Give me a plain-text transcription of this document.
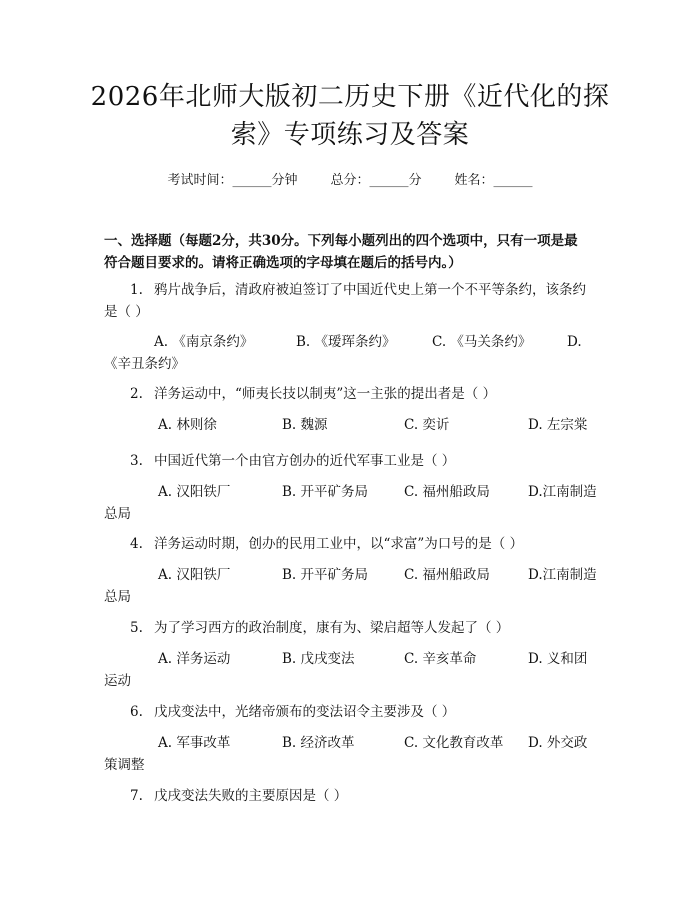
2026年北师大版初二历史下册《近代化的探
索》专项练习及答案
考试时间：______分钟        总分：______分        姓名：______
一、选择题（每题2分，共30分。下列每小题列出的四个选项中，只有一项是最
符合题目要求的。请将正确选项的字母填在题后的括号内。）
1. 鸦片战争后，清政府被迫签订了中国近代史上第一个不平等条约，该条约
是（ ）
A. 《南京条约》	B. 《瑷珲条约》	C. 《马关条约》	D.
《辛丑条约》
2. 洋务运动中，“师夷长技以制夷”这一主张的提出者是（ ）
A. 林则徐	B. 魏源	C. 奕䜣	D. 左宗棠
3. 中国近代第一个由官方创办的近代军事工业是（ ）
A. 汉阳铁厂	B. 开平矿务局	C. 福州船政局	D.江南制造
总局
4. 洋务运动时期，创办的民用工业中，以“求富”为口号的是（ ）
A. 汉阳铁厂	B. 开平矿务局	C. 福州船政局	D.江南制造
总局
5. 为了学习西方的政治制度，康有为、梁启超等人发起了（ ）
A. 洋务运动	B. 戊戌变法	C. 辛亥革命	D. 义和团
运动
6. 戊戌变法中，光绪帝颁布的变法诏令主要涉及（ ）
A. 军事改革	B. 经济改革	C. 文化教育改革 D. 外交政
策调整
7. 戊戌变法失败的主要原因是（ ）
